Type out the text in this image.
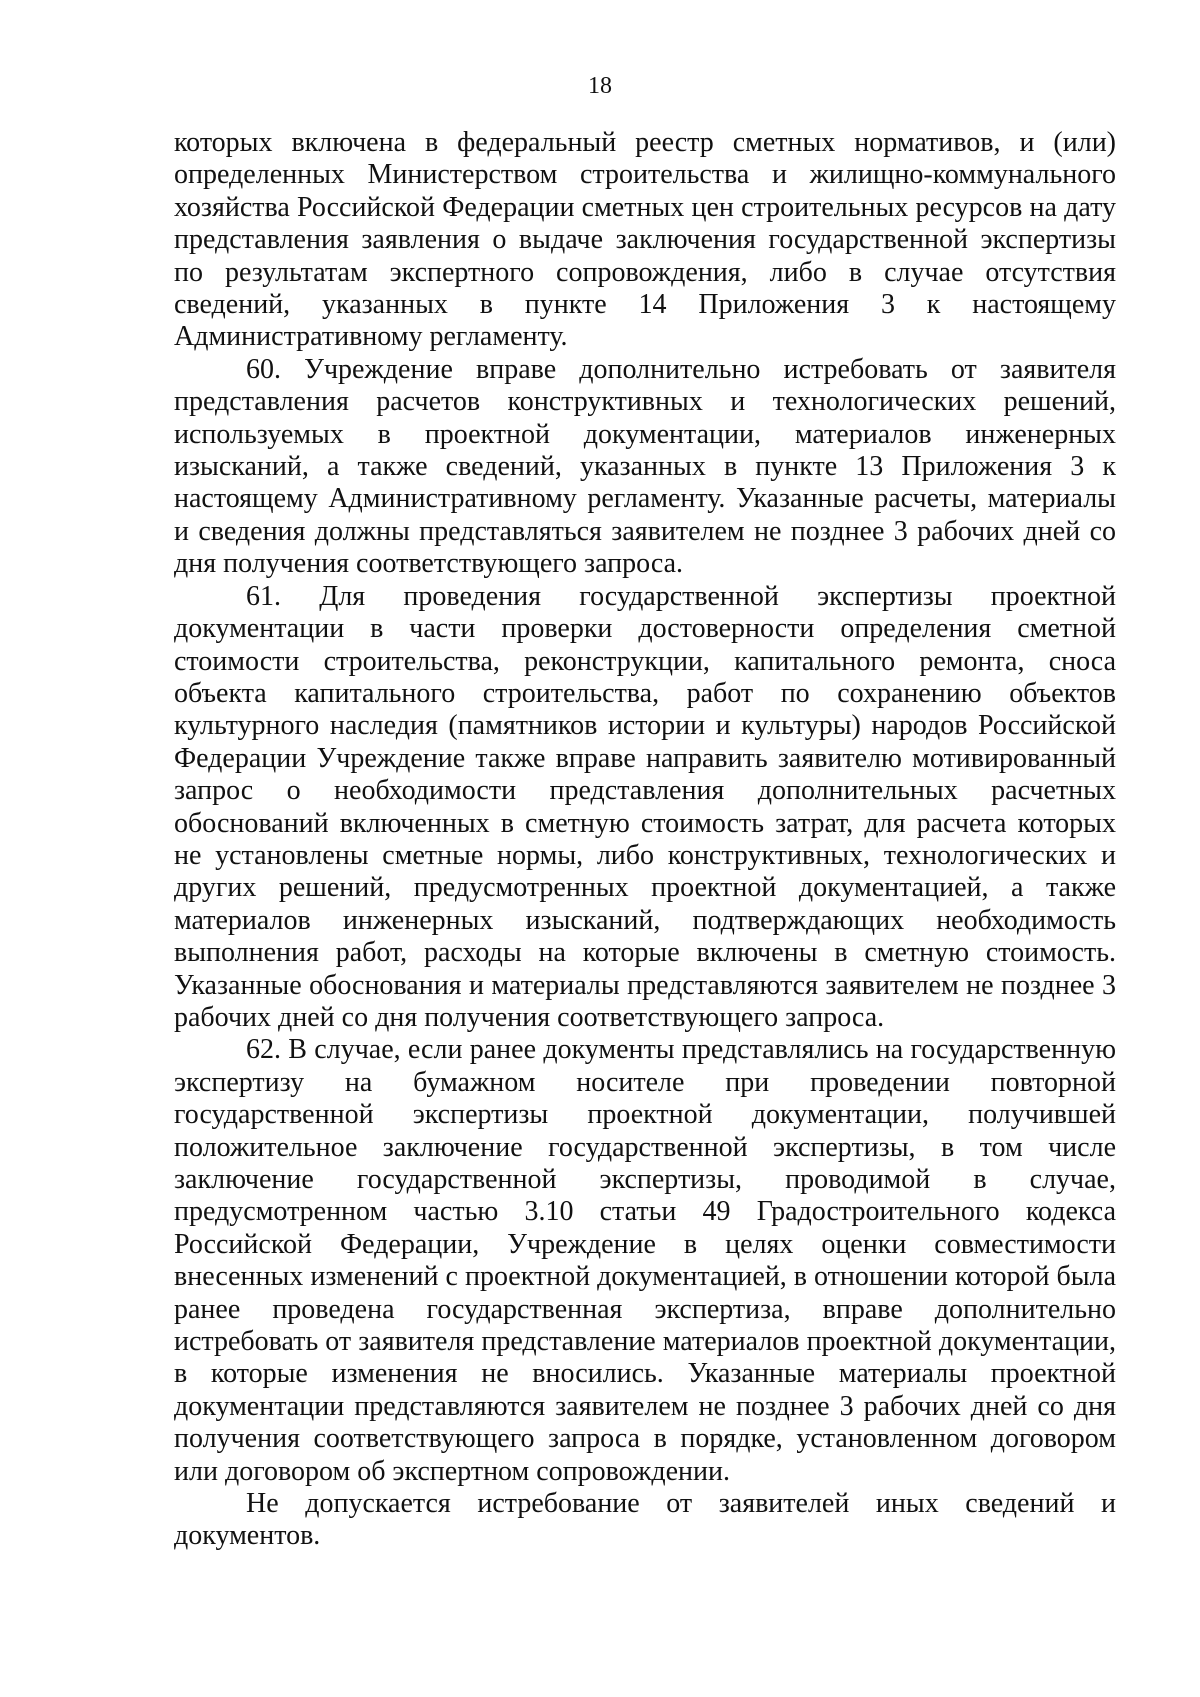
18

которых включена в федеральный реестр сметных нормативов, и (или) определенных Министерством строительства и жилищно-коммунального хозяйства Российской Федерации сметных цен строительных ресурсов на дату представления заявления о выдаче заключения государственной экспертизы по результатам экспертного сопровождения, либо в случае отсутствия сведений, указанных в пункте 14 Приложения 3 к настоящему Административному регламенту.

60. Учреждение вправе дополнительно истребовать от заявителя представления расчетов конструктивных и технологических решений, используемых в проектной документации, материалов инженерных изысканий, а также сведений, указанных в пункте 13 Приложения 3 к настоящему Административному регламенту. Указанные расчеты, материалы и сведения должны представляться заявителем не позднее 3 рабочих дней со дня получения соответствующего запроса.

61. Для проведения государственной экспертизы проектной документации в части проверки достоверности определения сметной стоимости строительства, реконструкции, капитального ремонта, сноса объекта капитального строительства, работ по сохранению объектов культурного наследия (памятников истории и культуры) народов Российской Федерации Учреждение также вправе направить заявителю мотивированный запрос о необходимости представления дополнительных расчетных обоснований включенных в сметную стоимость затрат, для расчета которых не установлены сметные нормы, либо конструктивных, технологических и других решений, предусмотренных проектной документацией, а также материалов инженерных изысканий, подтверждающих необходимость выполнения работ, расходы на которые включены в сметную стоимость. Указанные обоснования и материалы представляются заявителем не позднее 3 рабочих дней со дня получения соответствующего запроса.

62. В случае, если ранее документы представлялись на государственную экспертизу на бумажном носителе при проведении повторной государственной экспертизы проектной документации, получившей положительное заключение государственной экспертизы, в том числе заключение государственной экспертизы, проводимой в случае, предусмотренном частью 3.10 статьи 49 Градостроительного кодекса Российской Федерации, Учреждение в целях оценки совместимости внесенных изменений с проектной документацией, в отношении которой была ранее проведена государственная экспертиза, вправе дополнительно истребовать от заявителя представление материалов проектной документации, в которые изменения не вносились. Указанные материалы проектной документации представляются заявителем не позднее 3 рабочих дней со дня получения соответствующего запроса в порядке, установленном договором или договором об экспертном сопровождении.

Не допускается истребование от заявителей иных сведений и документов.
